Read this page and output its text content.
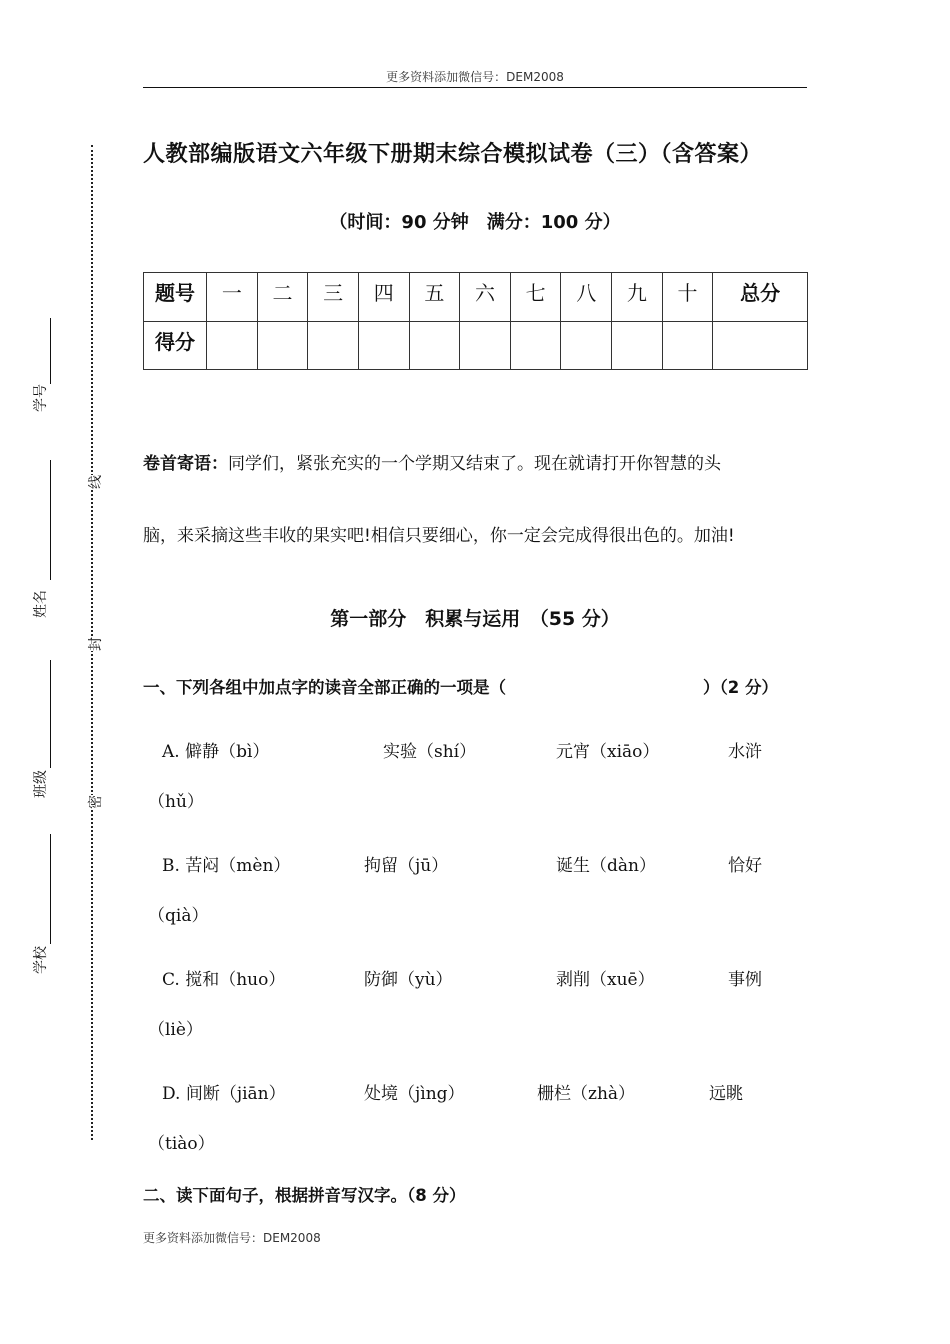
更多资料添加微信号：DEM2008
人教部编版语文六年级下册期末综合模拟试卷（三）（含答案）
（时间：90 分钟　满分：100 分）
题号	一	二	三	四	五	六	七	八	九	十	总分
得分											
卷首寄语：同学们，紧张充实的一个学期又结束了。现在就请打开你智慧的头
脑，来采摘这些丰收的果实吧!相信只要细心，你一定会完成得很出色的。加油!
第一部分　积累与运用　（55 分）
一、下列各组中加点字的读音全部正确的一项是（	）（2 分）
A. 僻静（bì）	实验（shí）	元宵（xiāo）	水浒
（hǔ）
B. 苦闷（mèn）	拘留（jū）	诞生（dàn）	恰好
（qià）
C. 搅和（huo）	防御（yù）	剥削（xuē）	事例
（liè）
D. 间断（jiān）	处境（jìng）	栅栏（zhà）	远眺
（tiào）
二、读下面句子，根据拼音写汉字。（8 分）
更多资料添加微信号：DEM2008
学号
姓名
班级
学校
线
封
密
